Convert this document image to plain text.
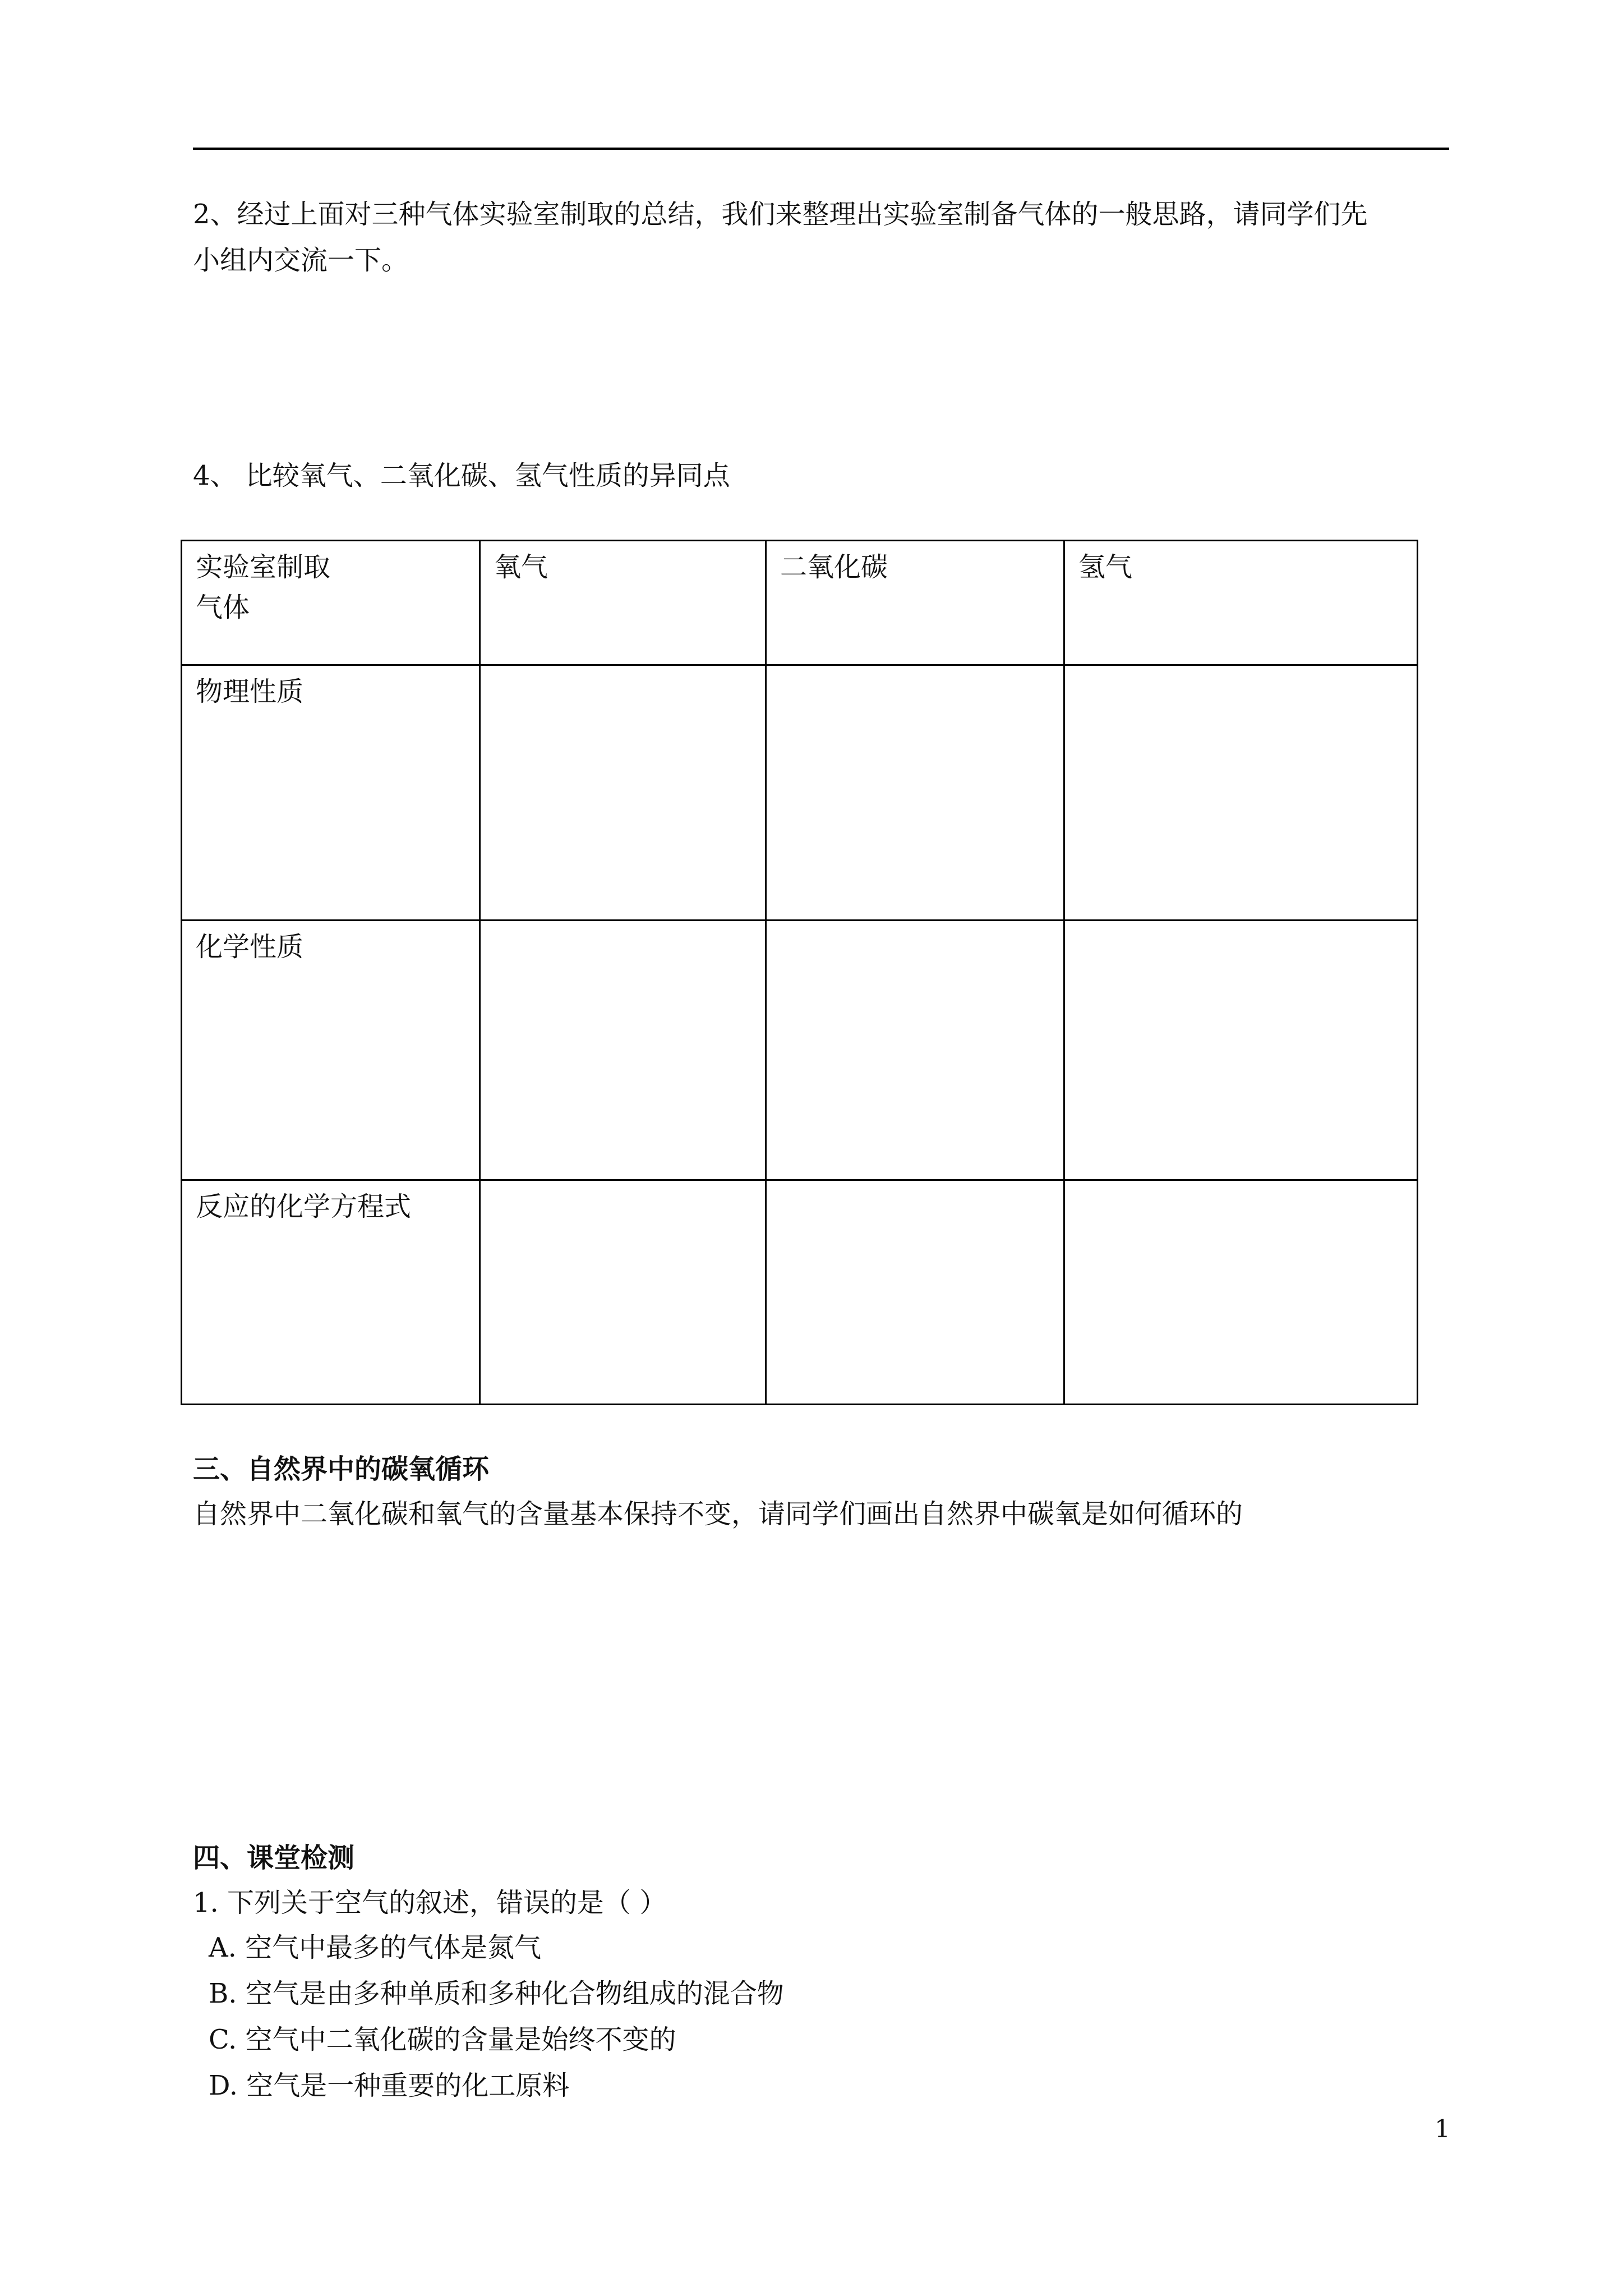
2、经过上面对三种气体实验室制取的总结，我们来整理出实验室制备气体的一般思路，请同学们先
小组内交流一下。
4、 比较氧气、二氧化碳、氢气性质的异同点
实验室制取
气体	氧气	二氧化碳	氢气
物理性质			
化学性质			
反应的化学方程式			
三、自然界中的碳氧循环
自然界中二氧化碳和氧气的含量基本保持不变，请同学们画出自然界中碳氧是如何循环的
四、课堂检测
1. 下列关于空气的叙述，错误的是（ ）
A. 空气中最多的气体是氮气
B. 空气是由多种单质和多种化合物组成的混合物
C. 空气中二氧化碳的含量是始终不变的
D. 空气是一种重要的化工原料
1
